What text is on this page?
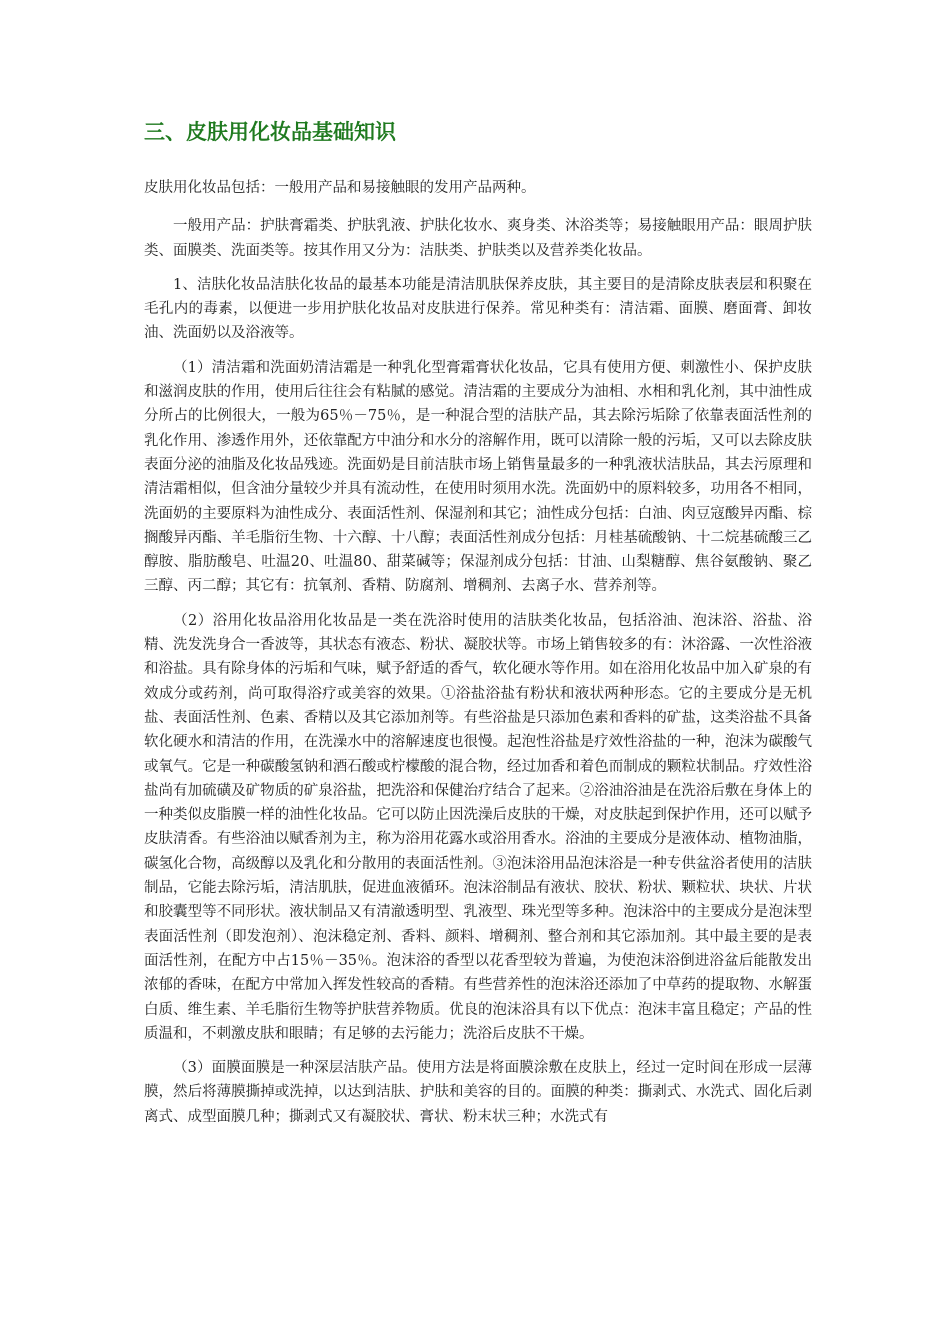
三、皮肤用化妆品基础知识

皮肤用化妆品包括：一般用产品和易接触眼的发用产品两种。

一般用产品：护肤膏霜类、护肤乳液、护肤化妆水、爽身类、沐浴类等；易接触眼用产品：眼周护肤类、面膜类、洗面类等。按其作用又分为：洁肤类、护肤类以及营养类化妆品。

1、洁肤化妆品洁肤化妆品的最基本功能是清洁肌肤保养皮肤，其主要目的是清除皮肤表层和积聚在毛孔内的毒素，以便进一步用护肤化妆品对皮肤进行保养。常见种类有：清洁霜、面膜、磨面膏、卸妆油、洗面奶以及浴液等。

（1）清洁霜和洗面奶清洁霜是一种乳化型膏霜膏状化妆品，它具有使用方便、刺激性小、保护皮肤和滋润皮肤的作用，使用后往往会有粘腻的感觉。清洁霜的主要成分为油相、水相和乳化剂，其中油性成分所占的比例很大，一般为65％－75％，是一种混合型的洁肤产品，其去除污垢除了依靠表面活性剂的乳化作用、渗透作用外，还依靠配方中油分和水分的溶解作用，既可以清除一般的污垢，又可以去除皮肤表面分泌的油脂及化妆品残迹。洗面奶是目前洁肤市场上销售量最多的一种乳液状洁肤品，其去污原理和清洁霜相似，但含油分量较少并具有流动性，在使用时须用水洗。洗面奶中的原料较多，功用各不相同，洗面奶的主要原料为油性成分、表面活性剂、保湿剂和其它；油性成分包括：白油、肉豆寇酸异丙酯、棕搁酸异丙酯、羊毛脂衍生物、十六醇、十八醇；表面活性剂成分包括：月桂基硫酸钠、十二烷基硫酸三乙醇胺、脂肪酸皂、吐温20、吐温80、甜菜碱等；保湿剂成分包括：甘油、山梨糖醇、焦谷氨酸钠、聚乙三醇、丙二醇；其它有：抗氧剂、香精、防腐剂、增稠剂、去离子水、营养剂等。

（2）浴用化妆品浴用化妆品是一类在洗浴时使用的洁肤类化妆品，包括浴油、泡沫浴、浴盐、浴精、洗发洗身合一香波等，其状态有液态、粉状、凝胶状等。市场上销售较多的有：沐浴露、一次性浴液和浴盐。具有除身体的污垢和气味，赋予舒适的香气，软化硬水等作用。如在浴用化妆品中加入矿泉的有效成分或药剂，尚可取得浴疗或美容的效果。①浴盐浴盐有粉状和液状两种形态。它的主要成分是无机盐、表面活性剂、色素、香精以及其它添加剂等。有些浴盐是只添加色素和香料的矿盐，这类浴盐不具备软化硬水和清洁的作用，在洗澡水中的溶解速度也很慢。起泡性浴盐是疗效性浴盐的一种，泡沫为碳酸气或氧气。它是一种碳酸氢钠和酒石酸或柠檬酸的混合物，经过加香和着色而制成的颗粒状制品。疗效性浴盐尚有加硫磺及矿物质的矿泉浴盐，把洗浴和保健治疗结合了起来。②浴油浴油是在洗浴后敷在身体上的一种类似皮脂膜一样的油性化妆品。它可以防止因洗澡后皮肤的干燥，对皮肤起到保护作用，还可以赋予皮肤清香。有些浴油以赋香剂为主，称为浴用花露水或浴用香水。浴油的主要成分是液体动、植物油脂，碳氢化合物，高级醇以及乳化和分散用的表面活性剂。③泡沫浴用品泡沫浴是一种专供盆浴者使用的洁肤制品，它能去除污垢，清洁肌肤，促进血液循环。泡沫浴制品有液状、胶状、粉状、颗粒状、块状、片状和胶囊型等不同形状。液状制品又有清澈透明型、乳液型、珠光型等多种。泡沫浴中的主要成分是泡沫型表面活性剂（即发泡剂）、泡沫稳定剂、香料、颜料、增稠剂、整合剂和其它添加剂。其中最主要的是表面活性剂，在配方中占15％－35％。泡沫浴的香型以花香型较为普遍，为使泡沫浴倒进浴盆后能散发出浓郁的香味，在配方中常加入挥发性较高的香精。有些营养性的泡沫浴还添加了中草药的提取物、水解蛋白质、维生素、羊毛脂衍生物等护肤营养物质。优良的泡沫浴具有以下优点：泡沫丰富且稳定；产品的性质温和，不刺激皮肤和眼睛；有足够的去污能力；洗浴后皮肤不干燥。

（3）面膜面膜是一种深层洁肤产品。使用方法是将面膜涂敷在皮肤上，经过一定时间在形成一层薄膜，然后将薄膜撕掉或洗掉，以达到洁肤、护肤和美容的目的。面膜的种类：撕剥式、水洗式、固化后剥离式、成型面膜几种；撕剥式又有凝胶状、膏状、粉末状三种；水洗式有
